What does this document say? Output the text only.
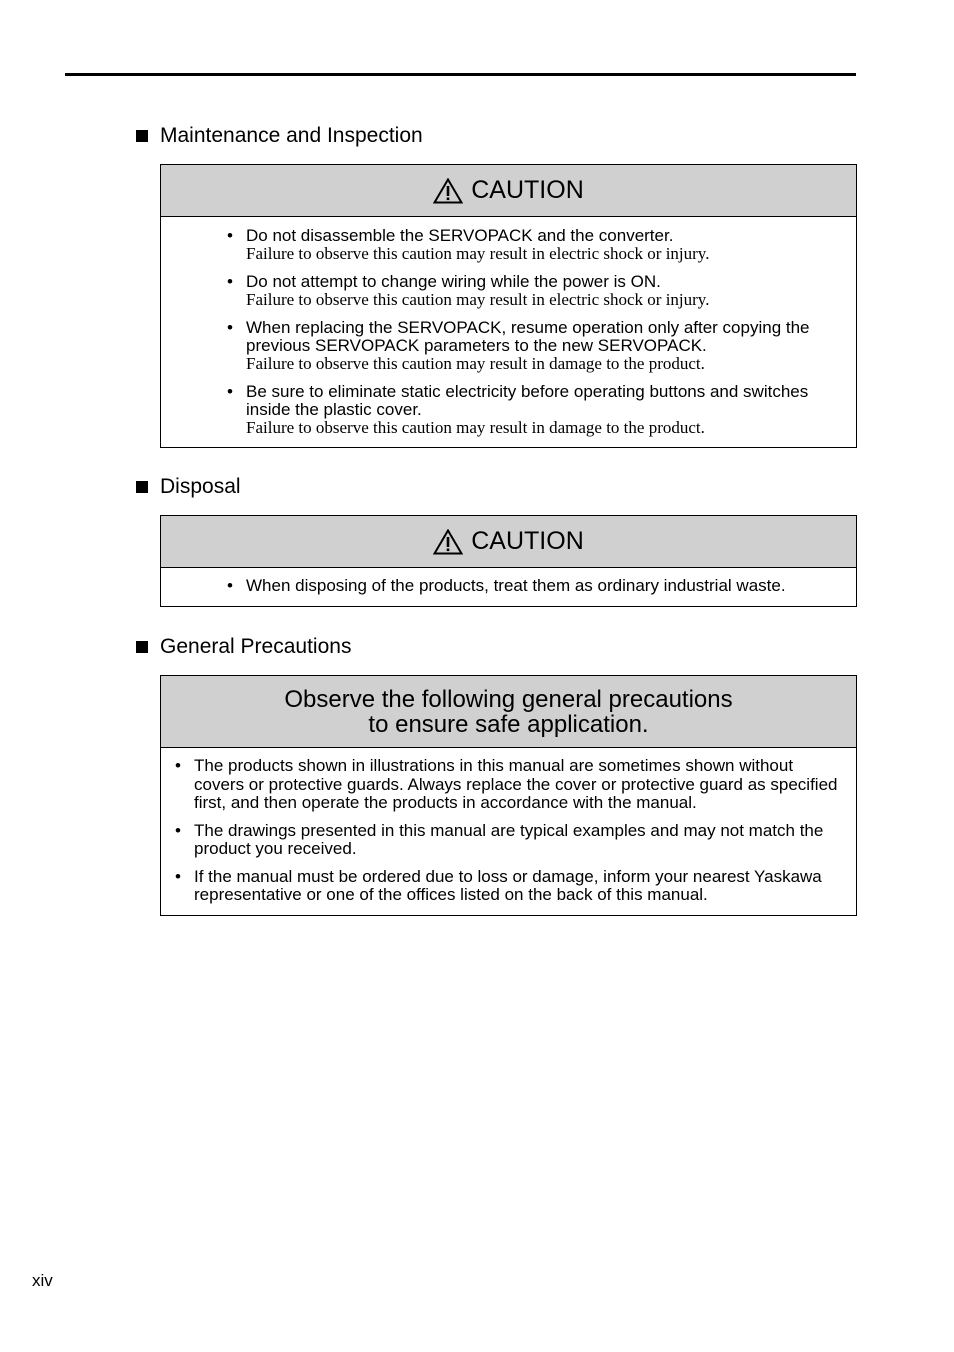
Maintenance and Inspection
CAUTION
• Do not disassemble the SERVOPACK and the converter.
Failure to observe this caution may result in electric shock or injury.
• Do not attempt to change wiring while the power is ON.
Failure to observe this caution may result in electric shock or injury.
• When replacing the SERVOPACK, resume operation only after copying the previous SERVOPACK parameters to the new SERVOPACK.
Failure to observe this caution may result in damage to the product.
• Be sure to eliminate static electricity before operating buttons and switches inside the plastic cover.
Failure to observe this caution may result in damage to the product.
Disposal
CAUTION
• When disposing of the products, treat them as ordinary industrial waste.
General Precautions
Observe the following general precautions
to ensure safe application.
• The products shown in illustrations in this manual are sometimes shown without covers or protective guards. Always replace the cover or protective guard as specified first, and then operate the products in accordance with the manual.
• The drawings presented in this manual are typical examples and may not match the product you received.
• If the manual must be ordered due to loss or damage, inform your nearest Yaskawa representative or one of the offices listed on the back of this manual.
xiv
